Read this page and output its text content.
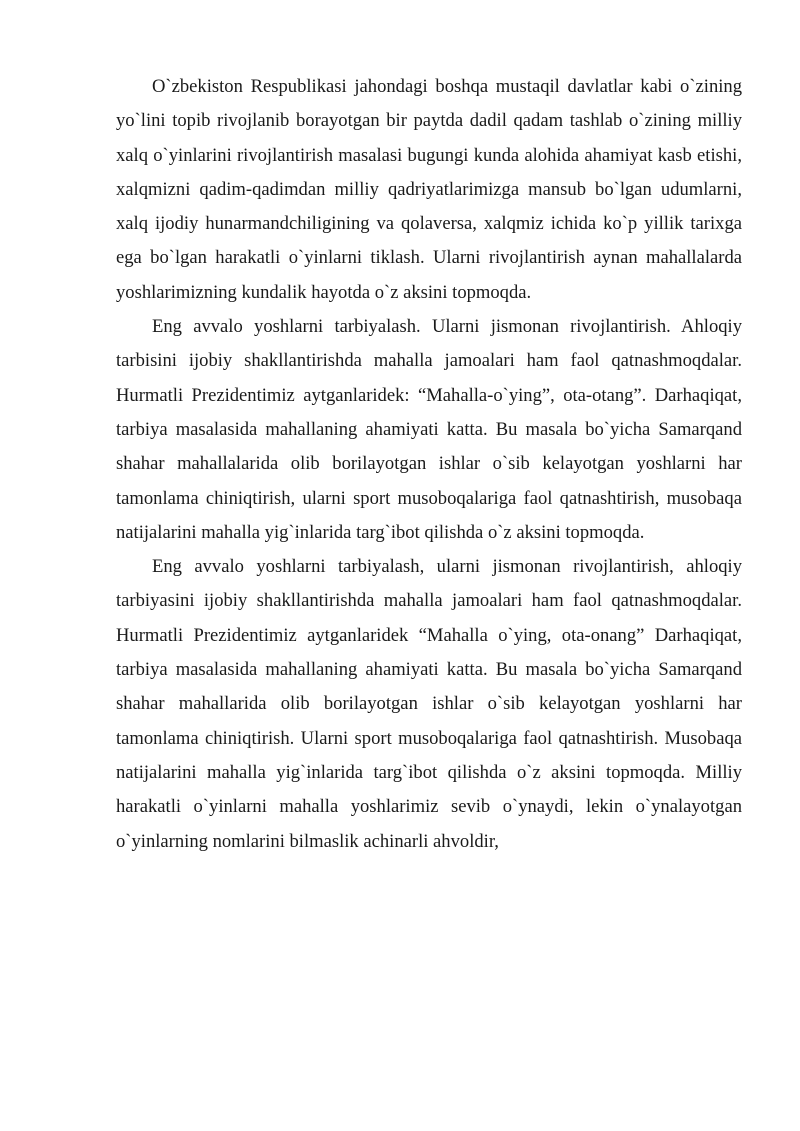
O`zbekiston Respublikasi jahondagi boshqa mustaqil davlatlar kabi o`zining yo`lini topib rivojlanib borayotgan bir paytda dadil qadam tashlab o`zining milliy xalq o`yinlarini rivojlantirish masalasi bugungi kunda alohida ahamiyat kasb etishi, xalqmizni qadim-qadimdan milliy qadriyatlarimizga mansub bo`lgan udumlarni, xalq ijodiy hunarmandchiligining va qolaversa, xalqmiz ichida ko`p yillik tarixga ega bo`lgan harakatli o`yinlarni tiklash. Ularni rivojlantirish aynan mahallalarda yoshlarimizning kundalik hayotda o`z aksini topmoqda.

Eng avvalo yoshlarni tarbiyalash. Ularni jismonan rivojlantirish. Ahloqiy tarbisini ijobiy shakllantirishda mahalla jamoalari ham faol qatnashmoqdalar. Hurmatli Prezidentimiz aytganlaridek: “Mahalla-o`ying”, ota-otang”. Darhaqiqat, tarbiya masalasida mahallaning ahamiyati katta. Bu masala bo`yicha Samarqand shahar mahallalarida olib borilayotgan ishlar o`sib kelayotgan yoshlarni har tamonlama chiniqtirish, ularni sport musoboqalariga faol qatnashtirish, musobaqa natijalarini mahalla yig`inlarida targ`ibot qilishda o`z aksini topmoqda.

Eng avvalo yoshlarni tarbiyalash, ularni jismonan rivojlantirish, ahloqiy tarbiyasini ijobiy shakllantirishda mahalla jamoalari ham faol qatnashmoqdalar. Hurmatli Prezidentimiz aytganlaridek “Mahalla o`ying, ota-onang” Darhaqiqat, tarbiya masalasida mahallaning ahamiyati katta. Bu masala bo`yicha Samarqand shahar mahallarida olib borilayotgan ishlar o`sib kelayotgan yoshlarni har tamonlama chiniqtirish. Ularni sport musoboqalariga faol qatnashtirish. Musobaqa natijalarini mahalla yig`inlarida targ`ibot qilishda o`z aksini topmoqda. Milliy harakatli o`yinlarni mahalla yoshlarimiz sevib o`ynaydi, lekin o`ynalayotgan o`yinlarning nomlarini bilmaslik achinarli ahvoldir,
